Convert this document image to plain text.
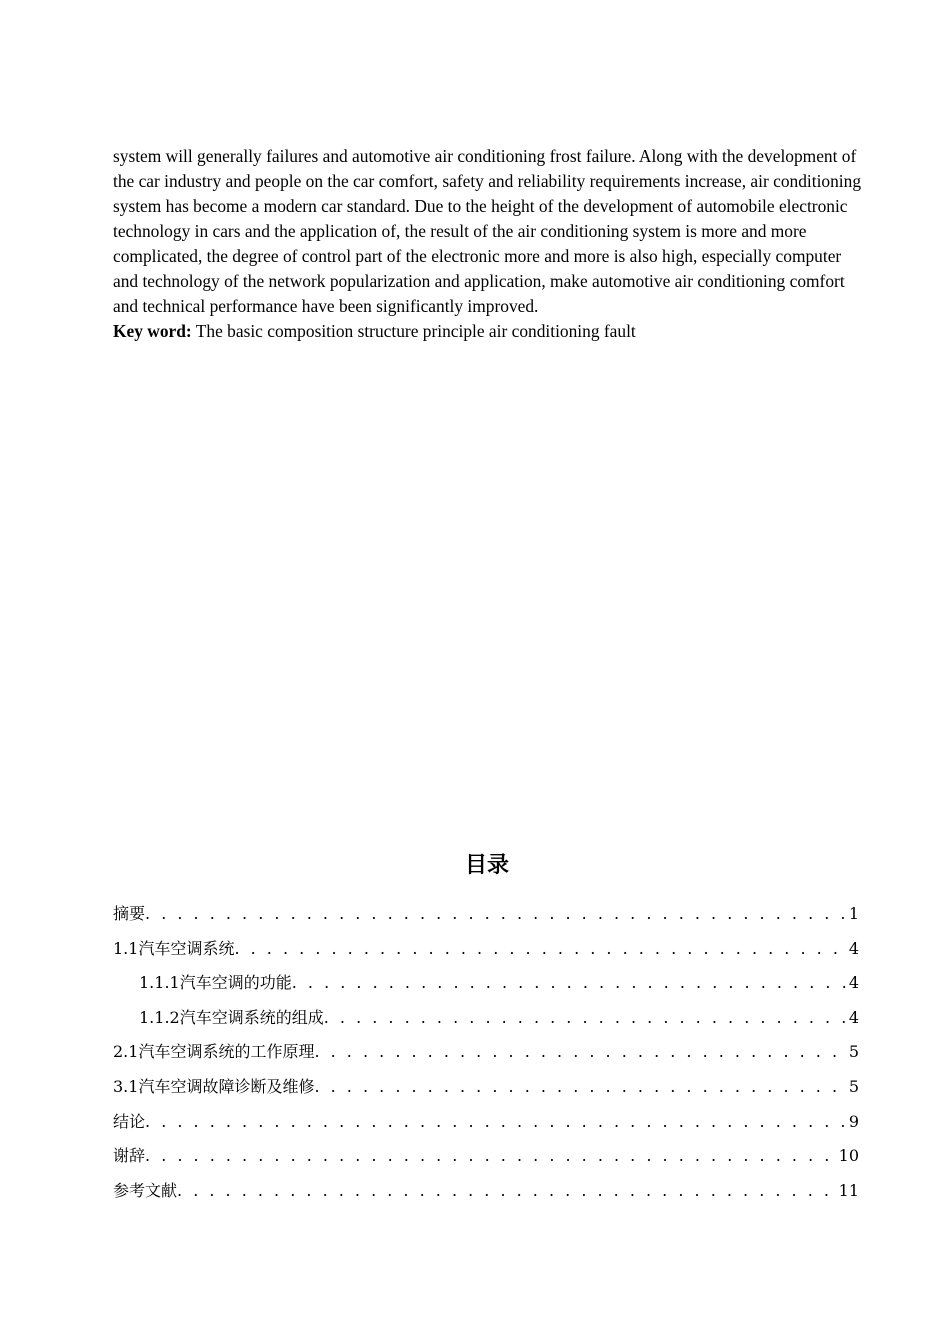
system will generally failures and automotive air conditioning frost failure. Along with the development of the car industry and people on the car comfort, safety and reliability requirements increase, air conditioning system has become a modern car standard. Due to the height of the development of automobile electronic technology in cars and the application of, the result of the air conditioning system is more and more complicated, the degree of control part of the electronic more and more is also high, especially computer and technology of the network popularization and application, make automotive air conditioning comfort and technical performance have been significantly improved.

Key word: The basic composition structure principle air conditioning fault

目录
摘要 . . .	1
1.1汽车空调系统 . . .	4
1.1.1汽车空调的功能 . . .	4
1.1.2汽车空调系统的组成 . . .	4
2.1汽车空调系统的工作原理 . . .	5
3.1汽车空调故障诊断及维修 . . .	5
结论 . . .	9
谢辞 . . .	10
参考文献 . . .	11
